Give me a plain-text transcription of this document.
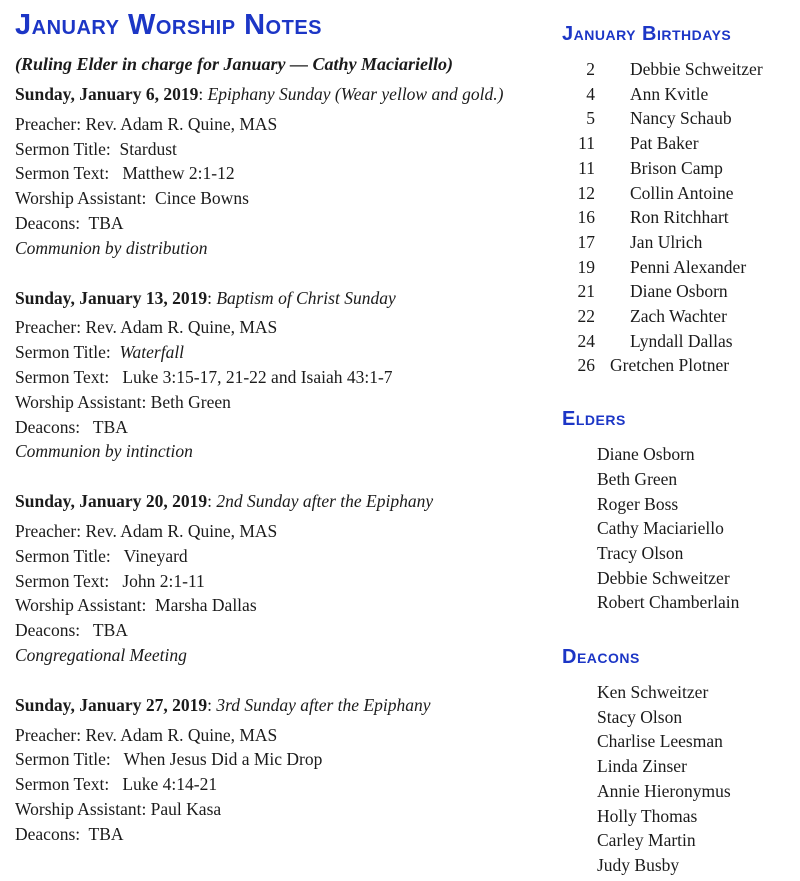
January Worship Notes

(Ruling Elder in charge for January — Cathy Maciariello)

Sunday, January 6, 2019: Epiphany Sunday (Wear yellow and gold.)

Preacher: Rev. Adam R. Quine, MAS

Sermon Title:  Stardust

Sermon Text:   Matthew 2:1-12

Worship Assistant:  Cince Bowns

Deacons:  TBA

Communion by distribution

Sunday, January 13, 2019: Baptism of Christ Sunday

Preacher: Rev. Adam R. Quine, MAS

Sermon Title:  Waterfall

Sermon Text:   Luke 3:15-17, 21-22 and Isaiah 43:1-7

Worship Assistant: Beth Green

Deacons:   TBA

Communion by intinction

Sunday, January 20, 2019: 2nd Sunday after the Epiphany

Preacher: Rev. Adam R. Quine, MAS

Sermon Title:   Vineyard

Sermon Text:   John 2:1-11

Worship Assistant:  Marsha Dallas

Deacons:   TBA

Congregational Meeting

Sunday, January 27, 2019: 3rd Sunday after the Epiphany

Preacher: Rev. Adam R. Quine, MAS

Sermon Title:   When Jesus Did a Mic Drop

Sermon Text:   Luke 4:14-21

Worship Assistant: Paul Kasa

Deacons:  TBA

January Birthdays
2 Debbie Schweitzer
4 Ann Kvitle
5 Nancy Schaub
11 Pat Baker
11 Brison Camp
12 Collin Antoine
16 Ron Ritchhart
17 Jan Ulrich
19 Penni Alexander
21 Diane Osborn
22 Zach Wachter
24 Lyndall Dallas
26 Gretchen Plotner
Elders
Diane Osborn
Beth Green
Roger Boss
Cathy Maciariello
Tracy Olson
Debbie Schweitzer
Robert Chamberlain
Deacons
Ken Schweitzer
Stacy Olson
Charlise Leesman
Linda Zinser
Annie Hieronymus
Holly Thomas
Carley Martin
Judy Busby
